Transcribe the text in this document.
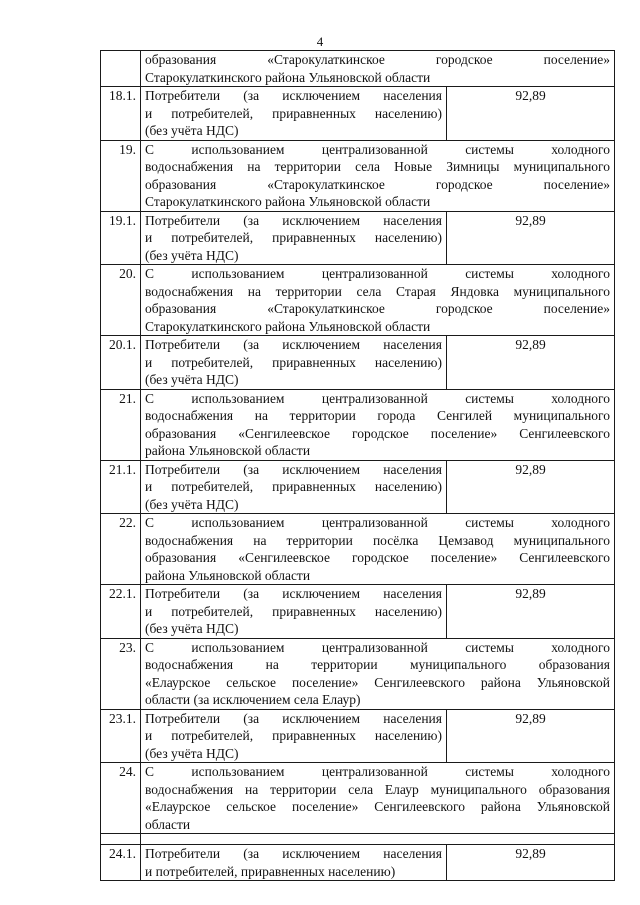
4

	образования «Старокулаткинское городское поселение»
Старокулаткинского района Ульяновской области	

18.1.	Потребители (за исключением населения
и потребителей, приравненных населению)
(без учёта НДС)	92,89
19.	С использованием централизованной системы холодного
водоснабжения на территории села Новые Зимницы муниципального
образования «Старокулаткинское городское поселение»
Старокулаткинского района Ульяновской области	

19.1.	Потребители (за исключением населения
и потребителей, приравненных населению)
(без учёта НДС)	92,89
20.	С использованием централизованной системы холодного
водоснабжения на территории села Старая Яндовка муниципального
образования «Старокулаткинское городское поселение»
Старокулаткинского района Ульяновской области	

20.1.	Потребители (за исключением населения
и потребителей, приравненных населению)
(без учёта НДС)	92,89
21.	С использованием централизованной системы холодного
водоснабжения на территории города Сенгилей муниципального
образования «Сенгилеевское городское поселение» Сенгилеевского
района Ульяновской области	

21.1.	Потребители (за исключением населения
и потребителей, приравненных населению)
(без учёта НДС)	92,89
22.	С использованием централизованной системы холодного
водоснабжения на территории посёлка Цемзавод муниципального
образования «Сенгилеевское городское поселение» Сенгилеевского
района Ульяновской области	

22.1.	Потребители (за исключением населения
и потребителей, приравненных населению)
(без учёта НДС)	92,89
23.	С использованием централизованной системы холодного
водоснабжения на территории муниципального образования
«Елаурское сельское поселение» Сенгилеевского района Ульяновской
области (за исключением села Елаур)	

23.1.	Потребители (за исключением населения
и потребителей, приравненных населению)
(без учёта НДС)	92,89
24.	С использованием централизованной системы холодного
водоснабжения на территории села Елаур муниципального образования
«Елаурское сельское поселение» Сенгилеевского района Ульяновской
области	

24.1.	Потребители (за исключением населения
и потребителей, приравненных населению)	92,89
